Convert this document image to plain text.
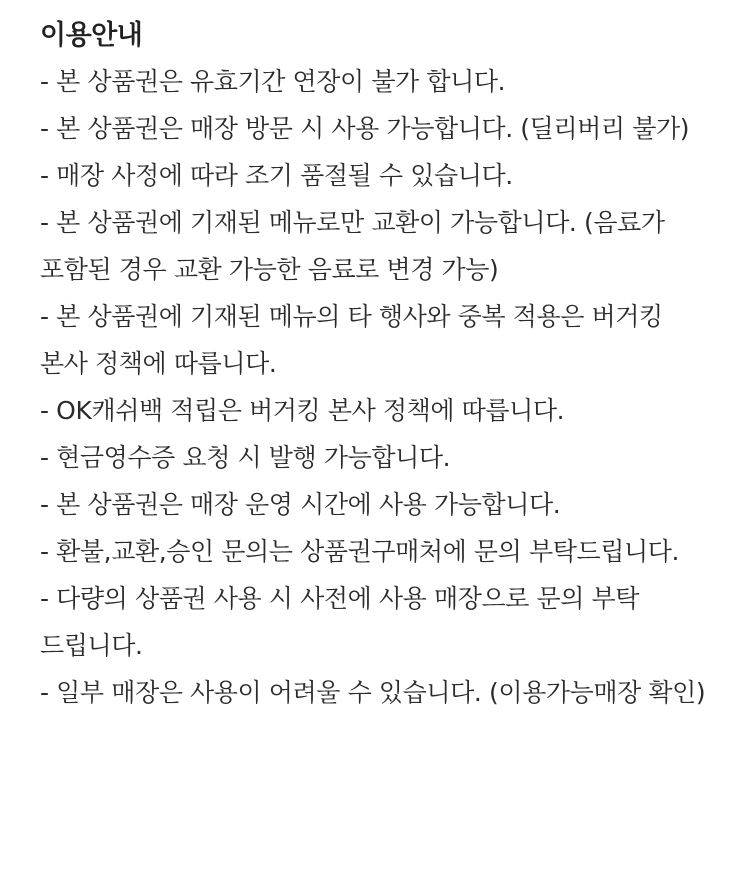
이용안내
- 본 상품권은 유효기간 연장이 불가 합니다.
- 본 상품권은 매장 방문 시 사용 가능합니다. (딜리버리 불가)
- 매장 사정에 따라 조기 품절될 수 있습니다.
- 본 상품권에 기재된 메뉴로만 교환이 가능합니다. (음료가 포함된 경우 교환 가능한 음료로 변경 가능)
- 본 상품권에 기재된 메뉴의 타 행사와 중복 적용은 버거킹 본사 정책에 따릅니다.
- OK캐쉬백 적립은 버거킹 본사 정책에 따릅니다.
- 현금영수증 요청 시 발행 가능합니다.
- 본 상품권은 매장 운영 시간에 사용 가능합니다.
- 환불,교환,승인 문의는 상품권구매처에 문의 부탁드립니다.
- 다량의 상품권 사용 시 사전에 사용 매장으로 문의 부탁 드립니다.
- 일부 매장은 사용이 어려울 수 있습니다. (이용가능매장 확인)
